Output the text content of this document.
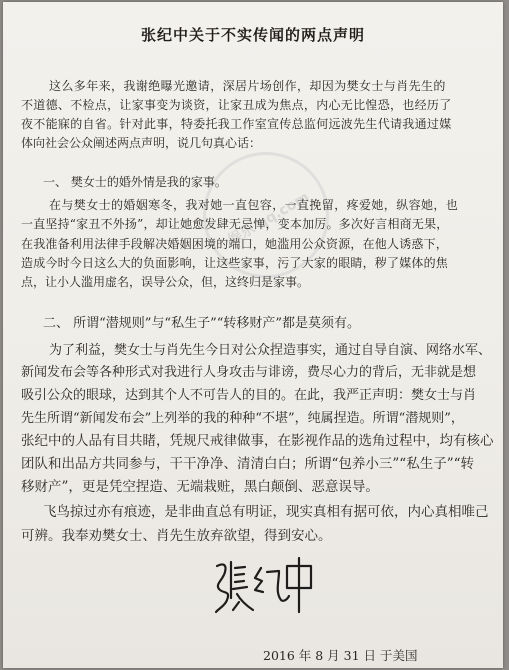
娱乐 qq.com
张纪中关于不实传闻的两点声明
这么多年来，我谢绝曝光邀请，深居片场创作，却因为樊女士与肖先生的
不道德、不检点，让家事变为谈资，让家丑成为焦点，内心无比惶恐，也经历了
夜不能寐的自省。针对此事，特委托我工作室宣传总监何远波先生代请我通过媒
体向社会公众阐述两点声明，说几句真心话：
一、 樊女士的婚外情是我的家事。
在与樊女士的婚姻寒冬，我对她一直包容，一直挽留，疼爱她，纵容她，也
一直坚持“家丑不外扬”，却让她愈发肆无忌惮，变本加厉。多次好言相商无果，
在我准备利用法律手段解决婚姻困境的端口，她滥用公众资源，在他人诱惑下，
造成今时今日这么大的负面影响，让这些家事，污了大家的眼睛，秽了媒体的焦
点，让小人滥用虚名，误导公众，但，这终归是家事。
二、 所谓“潜规则”与“私生子”“转移财产”都是莫须有。
为了利益，樊女士与肖先生今日对公众捏造事实，通过自导自演、网络水军、
新闻发布会等各种形式对我进行人身攻击与诽谤，费尽心力的背后，无非就是想
吸引公众的眼球，达到其个人不可告人的目的。在此，我严正声明：樊女士与肖
先生所谓“新闻发布会”上列举的我的种种“不堪”，纯属捏造。所谓“潜规则”，
张纪中的人品有目共睹，凭规尺戒律做事，在影视作品的选角过程中，均有核心
团队和出品方共同参与，干干净净、清清白白；所谓“包养小三”“私生子”“转
移财产”，更是凭空捏造、无端栽赃，黑白颠倒、恶意误导。
飞鸟掠过亦有痕迹，是非曲直总有明证，现实真相有据可依，内心真相唯己
可辨。我奉劝樊女士、肖先生放弃欲望，得到安心。
2016 年 8 月 31 日 于美国
